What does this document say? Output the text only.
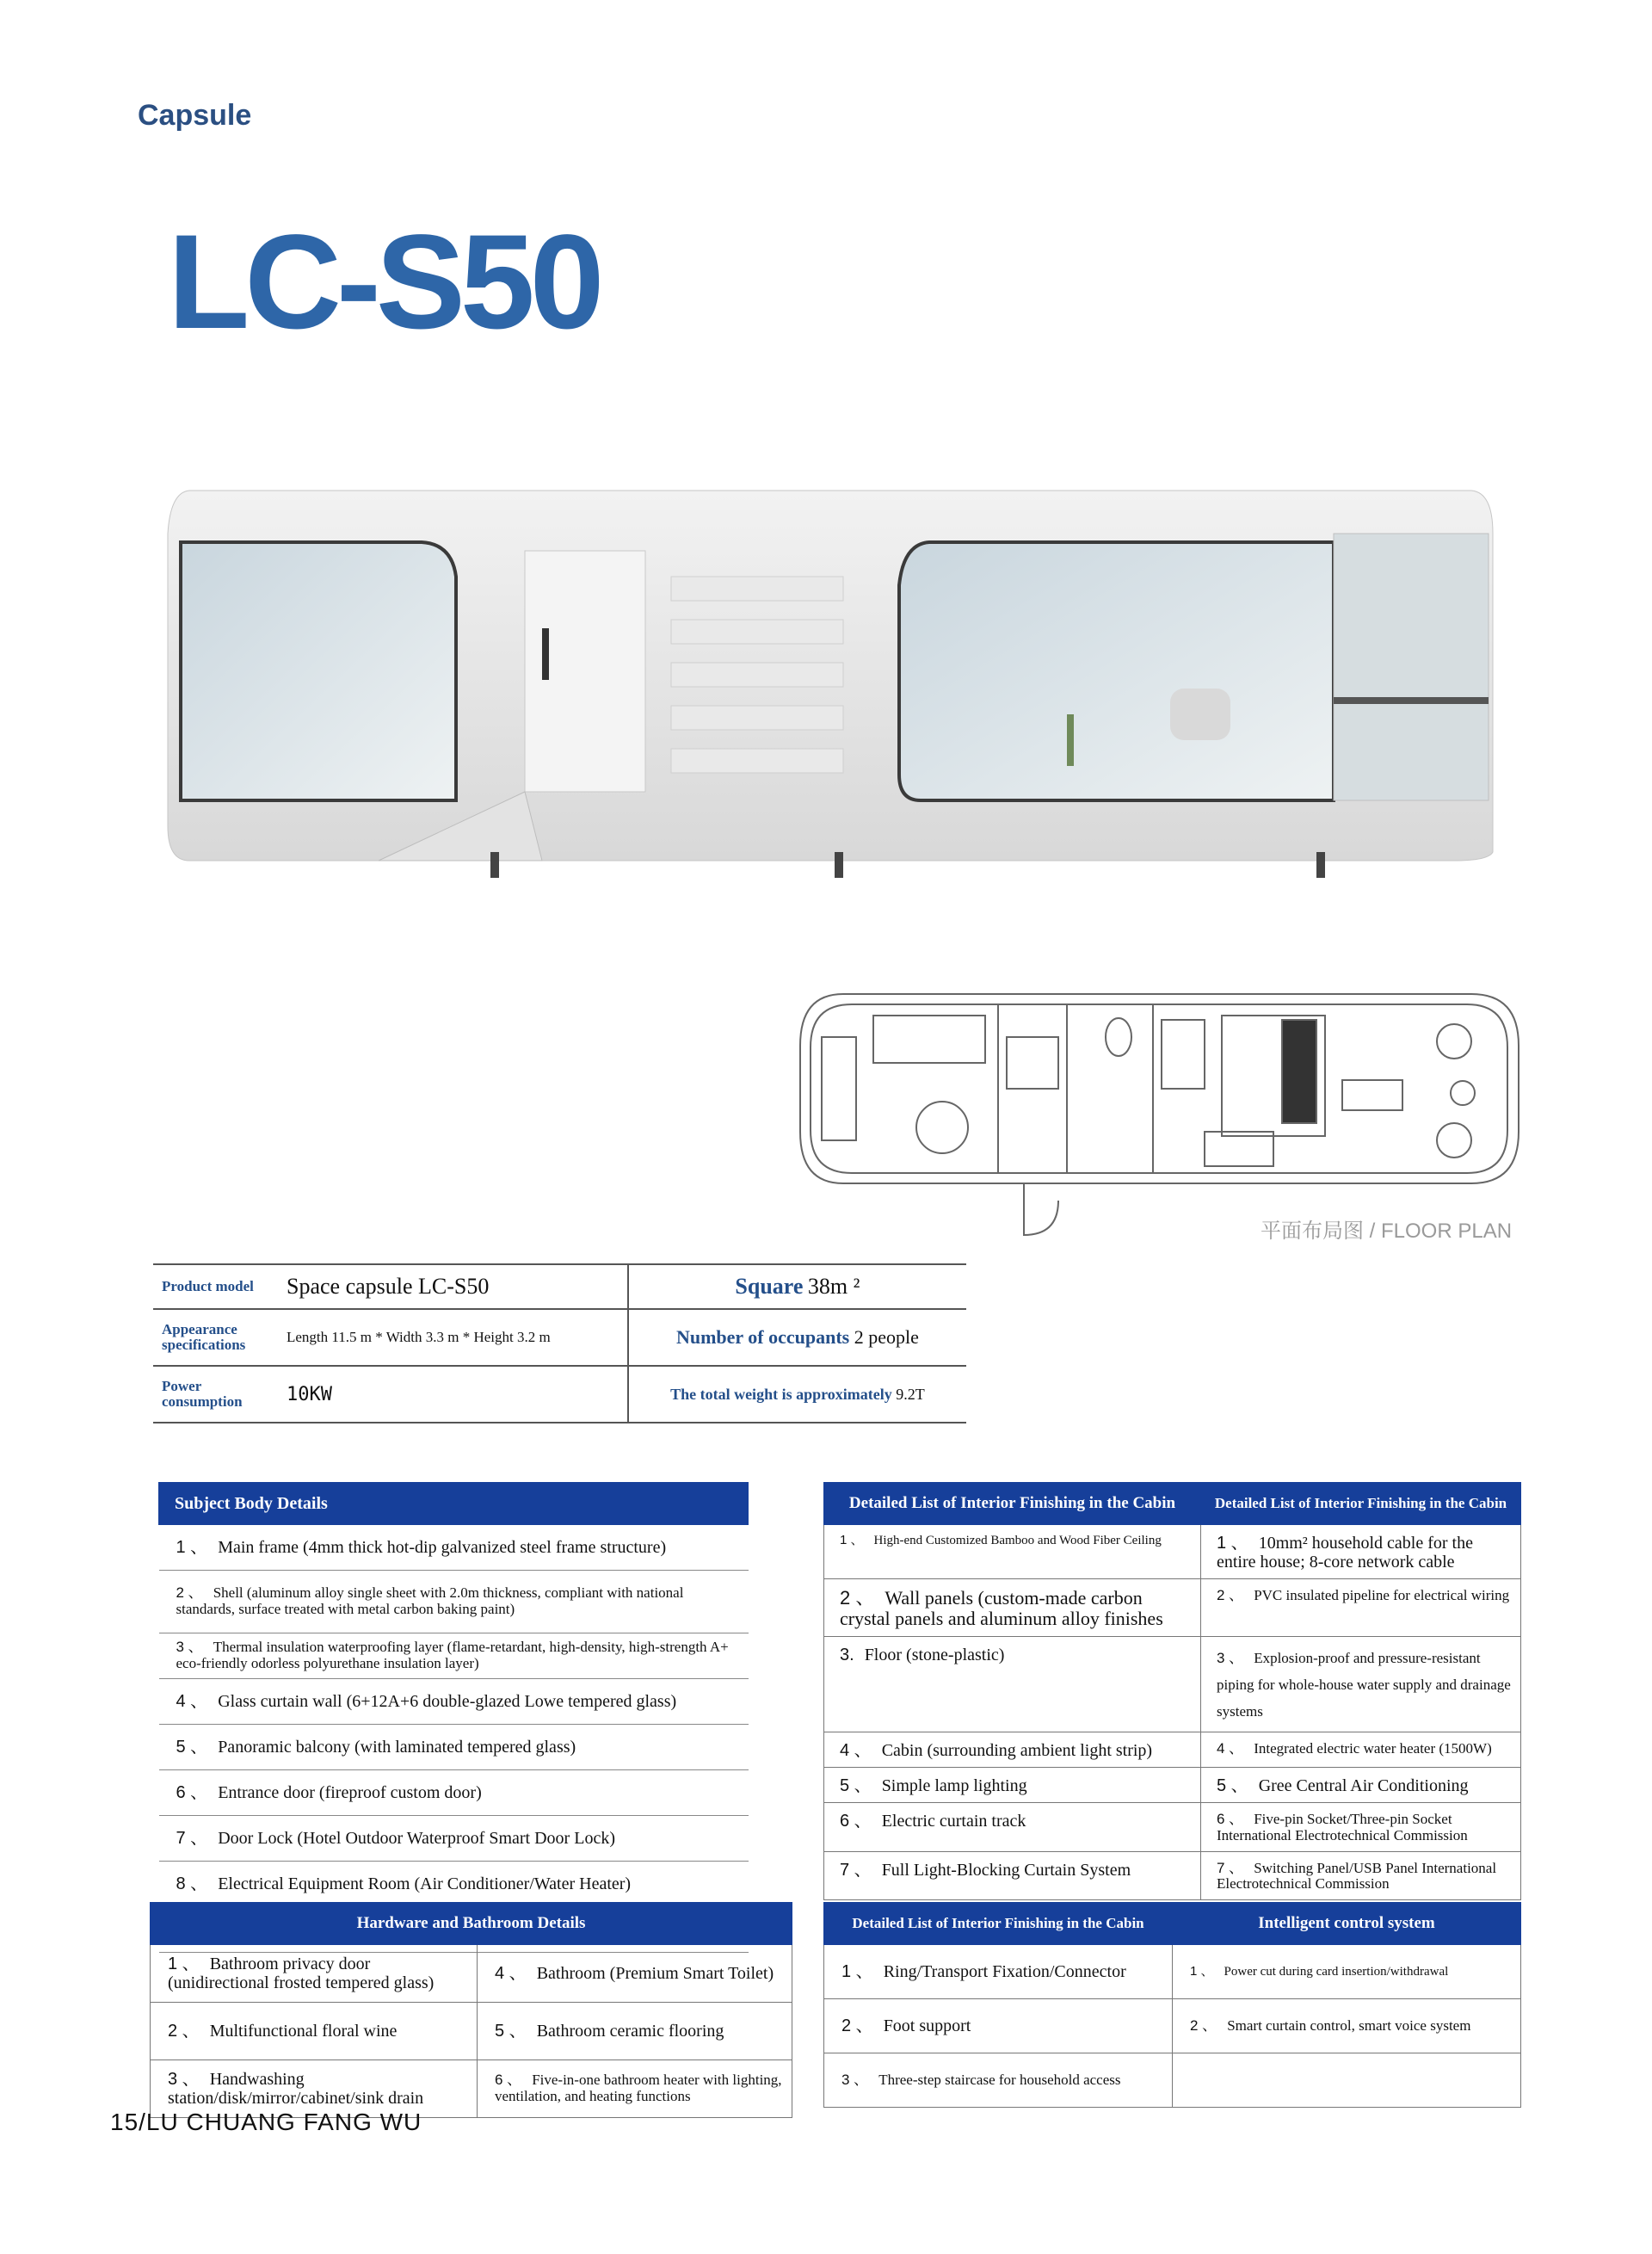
Capsule
LC-S50
平面布局图 / FLOOR PLAN
Product model	Space capsule LC-S50	Square 38m ²
Appearance specifications	Length 11.5 m * Width 3.3 m * Height 3.2 m	Number of occupants 2 people
Power consumption	10KW	The total weight is approximately 9.2T
Subject Body Details
1 、 Main frame (4mm thick hot-dip galvanized steel frame structure)
2 、 Shell (aluminum alloy single sheet with 2.0m thickness, compliant with national standards, surface treated with metal carbon baking paint)
3 、 Thermal insulation waterproofing layer (flame-retardant, high-density, high-strength A+ eco-friendly odorless polyurethane insulation layer)
4 、 Glass curtain wall (6+12A+6 double-glazed Lowe tempered glass)
5 、 Panoramic balcony (with laminated tempered glass)
6 、 Entrance door (fireproof custom door)
7 、 Door Lock (Hotel Outdoor Waterproof Smart Door Lock)
8 、 Electrical Equipment Room (Air Conditioner/Water Heater)

Detailed List of Interior Finishing in the Cabin	Detailed List of Interior Finishing in the Cabin
1 、 High-end Customized Bamboo and Wood Fiber Ceiling	1 、 10mm² household cable for the entire house; 8-core network cable
2 、 Wall panels (custom-made carbon crystal panels and aluminum alloy finishes	2 、 PVC insulated pipeline for electrical wiring
3. Floor (stone-plastic)	3 、 Explosion-proof and pressure-resistant piping for whole-house water supply and drainage systems
4 、 Cabin (surrounding ambient light strip)	4 、 Integrated electric water heater (1500W)
5 、 Simple lamp lighting	5 、 Gree Central Air Conditioning
6 、 Electric curtain track	6 、 Five-pin Socket/Three-pin Socket International Electrotechnical Commission
7 、 Full Light-Blocking Curtain System	7 、 Switching Panel/USB Panel International Electrotechnical Commission
Hardware and Bathroom Details	
1 、 Bathroom privacy door (unidirectional frosted tempered glass)	4 、 Bathroom (Premium Smart Toilet)
2 、 Multifunctional floral wine	5 、 Bathroom ceramic flooring
3 、 Handwashing station/disk/mirror/cabinet/sink drain	6 、 Five-in-one bathroom heater with lighting, ventilation, and heating functions
Detailed List of Interior Finishing in the Cabin	Intelligent control system
1 、 Ring/Transport Fixation/Connector	1 、 Power cut during card insertion/withdrawal
2 、 Foot support	2 、 Smart curtain control, smart voice system
3 、 Three-step staircase for household access	
15/LU CHUANG FANG WU
